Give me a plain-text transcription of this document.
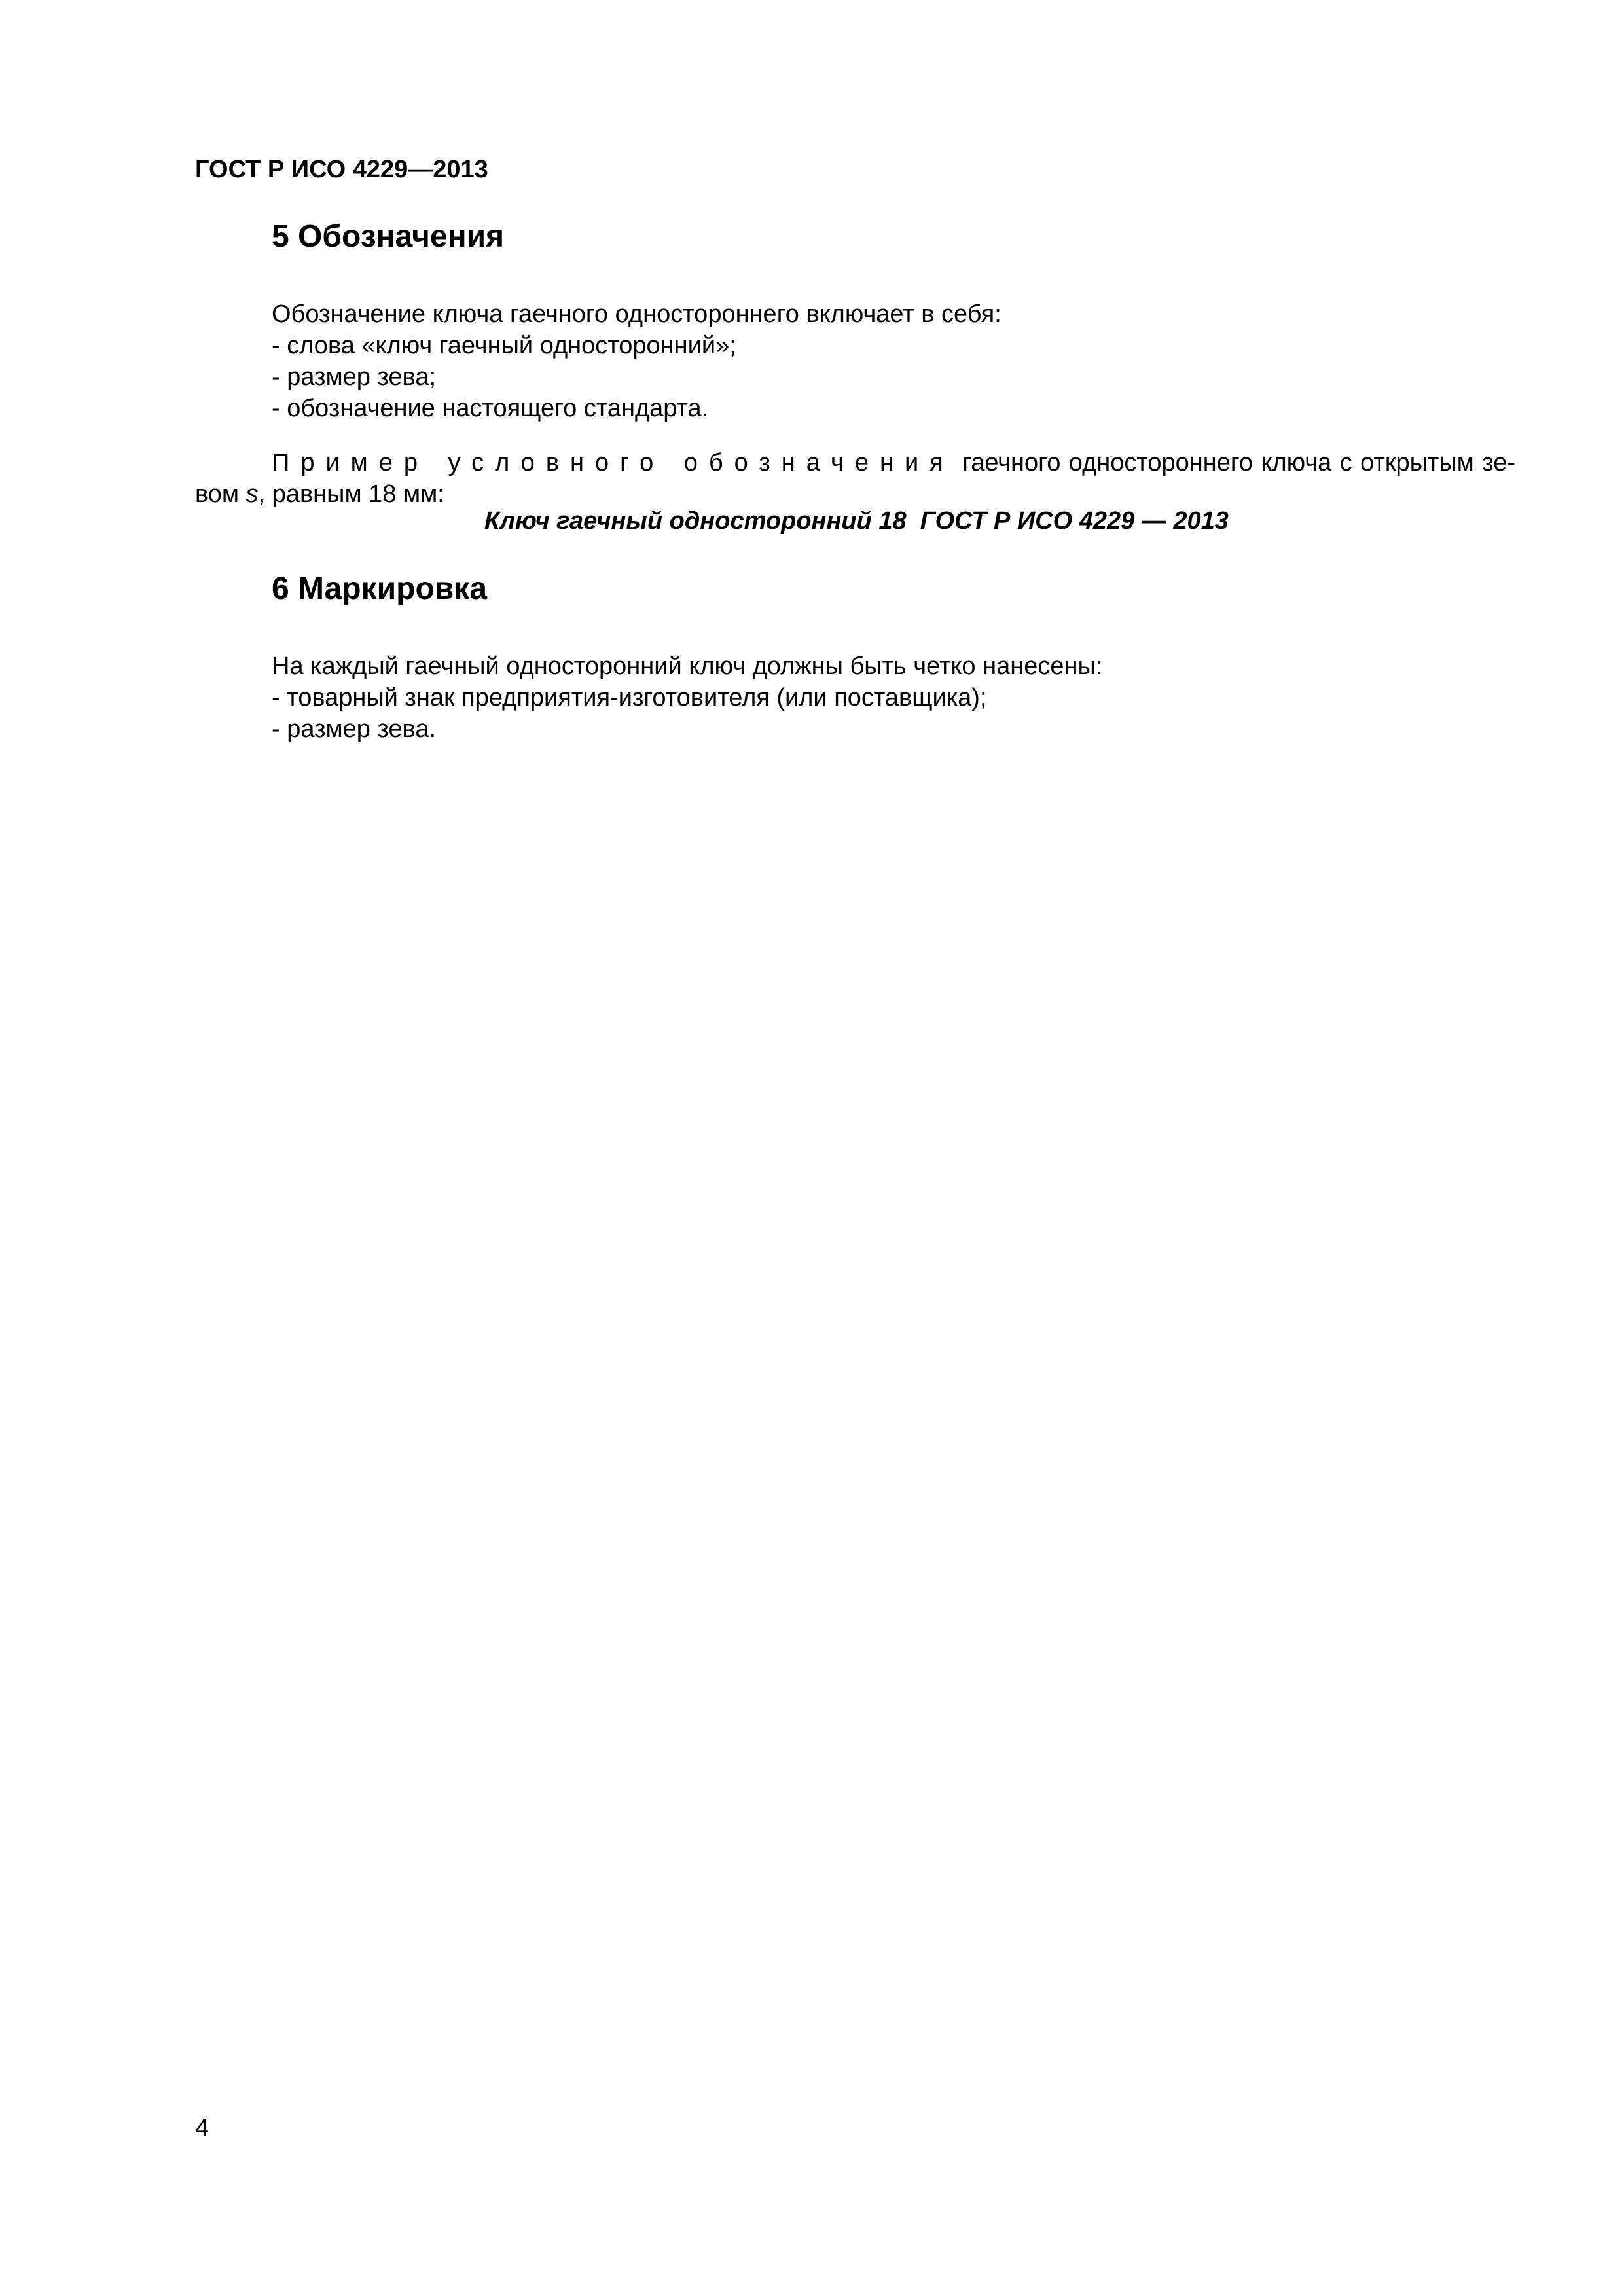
ГОСТ Р ИСО 4229—2013
5 Обозначения
Обозначение ключа гаечного одностороннего включает в себя:
- слова «ключ гаечный односторонний»;
- размер зева;
- обозначение настоящего стандарта.
Пример условного обозначения гаечного одностороннего ключа с открытым зе-
вом s, равным 18 мм:
Ключ гаечный односторонний 18  ГОСТ Р ИСО 4229 — 2013
6 Маркировка
На каждый гаечный односторонний ключ должны быть четко нанесены:
- товарный знак предприятия-изготовителя (или поставщика);
- размер зева.
4
